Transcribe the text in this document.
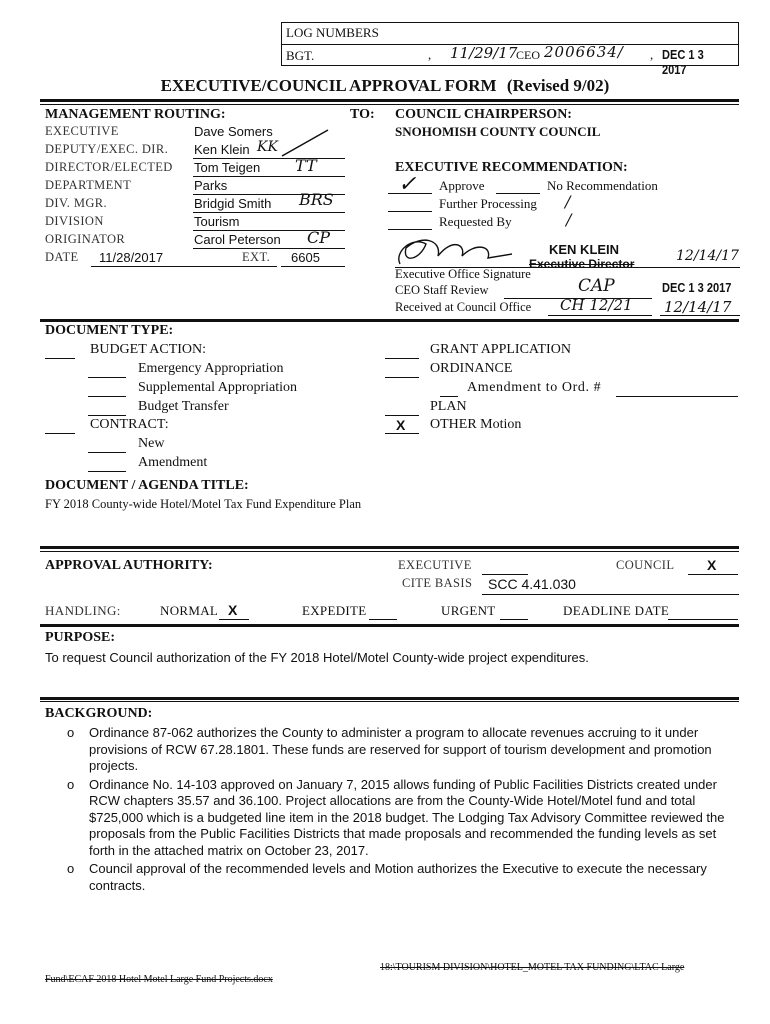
LOG NUMBERS
BGT.	, 11/29/17
CEO 2006634/ , DEC 1 3 2017
EXECUTIVE/COUNCIL APPROVAL FORM (Revised 9/02)
MANAGEMENT ROUTING:	TO:
EXECUTIVE	Dave Somers
DEPUTY/EXEC. DIR. Ken Klein KK
DIRECTOR/ELECTED Tom Teigen TT
DEPARTMENT	Parks
DIV. MGR.	Bridgid Smith BRS
DIVISION	Tourism
ORIGINATOR	Carol Peterson CP
DATE 11/28/2017	EXT. 6605
COUNCIL CHAIRPERSON:
SNOHOMISH COUNTY COUNCIL
EXECUTIVE RECOMMENDATION:
✓ Approve	No Recommendation
Further Processing /
Requested By	/
KEN KLEIN
Executive Director	12/14/17
Executive Office Signature
CEO Staff Review	CAP	DEC 1 3 2017
Received at Council Office CH 12/21 12/14/17
DOCUMENT TYPE:
BUDGET ACTION:
Emergency Appropriation
Supplemental Appropriation
Budget Transfer
CONTRACT:
New
Amendment
GRANT APPLICATION
ORDINANCE
Amendment to Ord. #
PLAN
X OTHER Motion
DOCUMENT / AGENDA TITLE:
FY 2018 County-wide Hotel/Motel Tax Fund Expenditure Plan
APPROVAL AUTHORITY:	EXECUTIVE	COUNCIL X
CITE BASIS SCC 4.41.030
HANDLING:	NORMAL X	EXPEDITE	URGENT	DEADLINE DATE
PURPOSE:
To request Council authorization of the FY 2018 Hotel/Motel County-wide project expenditures.
BACKGROUND:
o Ordinance 87-062 authorizes the County to administer a program to allocate revenues accruing to it under provisions of RCW 67.28.1801. These funds are reserved for support of tourism development and promotion projects.
o Ordinance No. 14-103 approved on January 7, 2015 allows funding of Public Facilities Districts created under RCW chapters 35.57 and 36.100. Project allocations are from the County-Wide Hotel/Motel fund and total $725,000 which is a budgeted line item in the 2018 budget. The Lodging Tax Advisory Committee reviewed the proposals from the Public Facilities Districts that made proposals and recommended the funding levels as set forth in the attached matrix on October 23, 2017.
o Council approval of the recommended levels and Motion authorizes the Executive to execute the necessary contracts.
Fund\ECAF 2018 Hotel Motel Large Fund Projects.docx
18:\TOURISM DIVISION\HOTEL_MOTEL TAX FUNDING\LTAC Large
